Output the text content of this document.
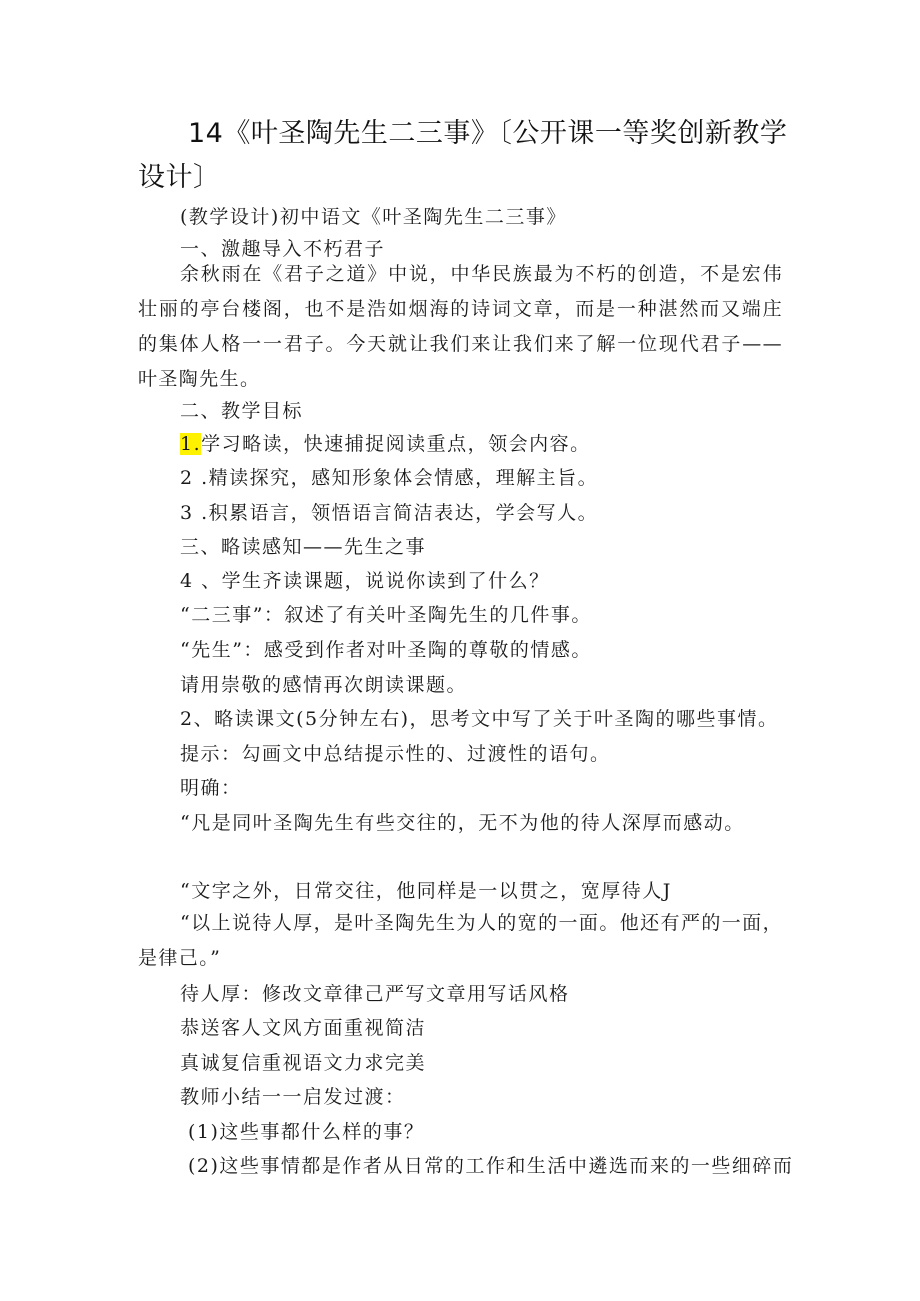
14《叶圣陶先生二三事》〔公开课一等奖创新教学设计〕
(教学设计)初中语文《叶圣陶先生二三事》
一、激趣导入不朽君子
余秋雨在《君子之道》中说，中华民族最为不朽的创造，不是宏伟壮丽的亭台楼阁，也不是浩如烟海的诗词文章，而是一种湛然而又端庄的集体人格一一君子。今天就让我们来让我们来了解一位现代君子——叶圣陶先生。
二、教学目标
1.学习略读，快速捕捉阅读重点，领会内容。
2 .精读探究，感知形象体会情感，理解主旨。
3 .积累语言，领悟语言简洁表达，学会写人。
三、略读感知——先生之事
4 、学生齐读课题，说说你读到了什么？
“二三事”：叙述了有关叶圣陶先生的几件事。
“先生”：感受到作者对叶圣陶的尊敬的情感。
请用崇敬的感情再次朗读课题。
2、略读课文(5分钟左右)，思考文中写了关于叶圣陶的哪些事情。
提示：勾画文中总结提示性的、过渡性的语句。
明确：
“凡是同叶圣陶先生有些交往的，无不为他的待人深厚而感动。
“文字之外，日常交往，他同样是一以贯之，宽厚待人J
“以上说待人厚，是叶圣陶先生为人的宽的一面。他还有严的一面，是律己。”
待人厚：修改文章律己严写文章用写话风格
恭送客人文风方面重视简洁
真诚复信重视语文力求完美
教师小结一一启发过渡：
(1)这些事都什么样的事？
(2)这些事情都是作者从日常的工作和生活中遴选而来的一些细碎而
